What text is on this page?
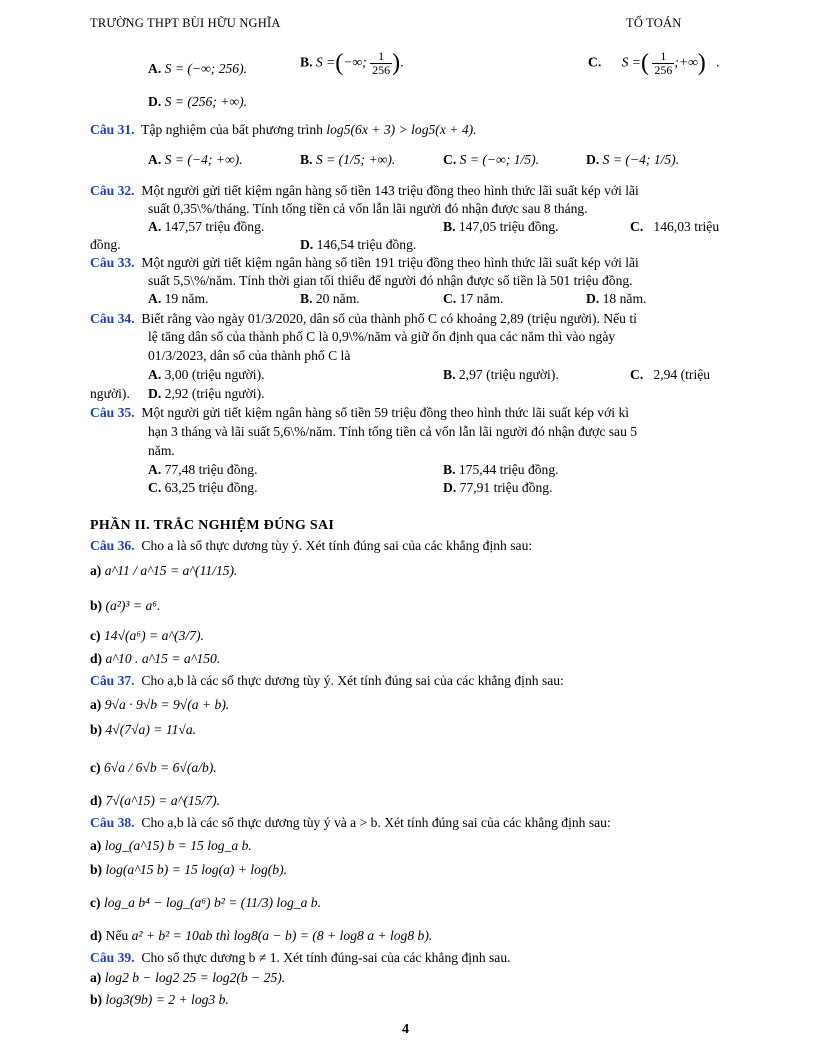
TRƯỜNG THPT BÙI HỮU NGHĨA	TỔ TOÁN
A. S = (−∞; 256).	B. S =(−∞; $\frac{1}{256}$ ).	C. S =( $\frac{1}{256}$ ;+∞)   .
D. S = (256; +∞).
Câu 31. Tập nghiệm của bất phương trình log5(6x + 3) > log5(x + 4).
A. S = (−4; +∞).	B. S = (1/5; +∞).	C. S = (−∞; 1/5).	D. S = (−4; 1/5).
Câu 32. Một người gửi tiết kiệm ngân hàng số tiền 143 triệu đồng theo hình thức lãi suất kép với lãi
suất 0,35\%/tháng. Tính tổng tiền cả vốn lẫn lãi người đó nhận được sau 8 tháng.
A. 147,57 triệu đồng.	B. 147,05 triệu đồng.	C. 146,03 triệu
đồng.	D. 146,54 triệu đồng.
Câu 33. Một người gửi tiết kiệm ngân hàng số tiền 191 triệu đồng theo hình thức lãi suất kép với lãi
suất 5,5\%/năm. Tính thời gian tối thiểu để người đó nhận được số tiền là 501 triệu đồng.
A. 19 năm.	B. 20 năm.	C. 17 năm.	D. 18 năm.
Câu 34. Biết rằng vào ngày 01/3/2020, dân số của thành phố C có khoảng 2,89 (triệu người). Nếu tỉ
lệ tăng dân số của thành phố C là 0,9\%/năm và giữ ổn định qua các năm thì vào ngày
01/3/2023, dân số của thành phố C là
A. 3,00 (triệu người).	B. 2,97 (triệu người).	C. 2,94 (triệu
người). D. 2,92 (triệu người).
Câu 35. Một người gửi tiết kiệm ngân hàng số tiền 59 triệu đồng theo hình thức lãi suất kép với kì
hạn 3 tháng và lãi suất 5,6\%/năm. Tính tổng tiền cả vốn lẫn lãi người đó nhận được sau 5
năm.
A. 77,48 triệu đồng.	B. 175,44 triệu đồng.
C. 63,25 triệu đồng.	D. 77,91 triệu đồng.
PHẦN II. TRẮC NGHIỆM ĐÚNG SAI
Câu 36. Cho a là số thực dương tùy ý. Xét tính đúng sai của các khẳng định sau:
a) a^11 / a^15 = a^(11/15).
b) (a²)³ = a⁶.
c) 14√(a⁶) = a^(3/7).
d) a^10 . a^15 = a^150.
Câu 37. Cho a,b là các số thực dương tùy ý. Xét tính đúng sai của các khẳng định sau:
a) 9√a · 9√b = 9√(a + b).
b) 4√(7√a) = 11√a.
c) 6√a / 6√b = 6√(a/b).
d) 7√(a^15) = a^(15/7).
Câu 38. Cho a,b là các số thực dương tùy ý và a > b. Xét tính đúng sai của các khẳng định sau:
a) log_(a^15) b = 15 log_a b.
b) log(a^15 b) = 15 log(a) + log(b).
c) log_a b⁴ − log_(a⁶) b² = (11/3) log_a b.
d) Nếu a² + b² = 10ab thì log8(a − b) = (8 + log8 a + log8 b).
Câu 39. Cho số thực dương b ≠ 1. Xét tính đúng-sai của các khẳng định sau.
a) log2 b − log2 25 = log2(b − 25).
b) log3(9b) = 2 + log3 b.
4
